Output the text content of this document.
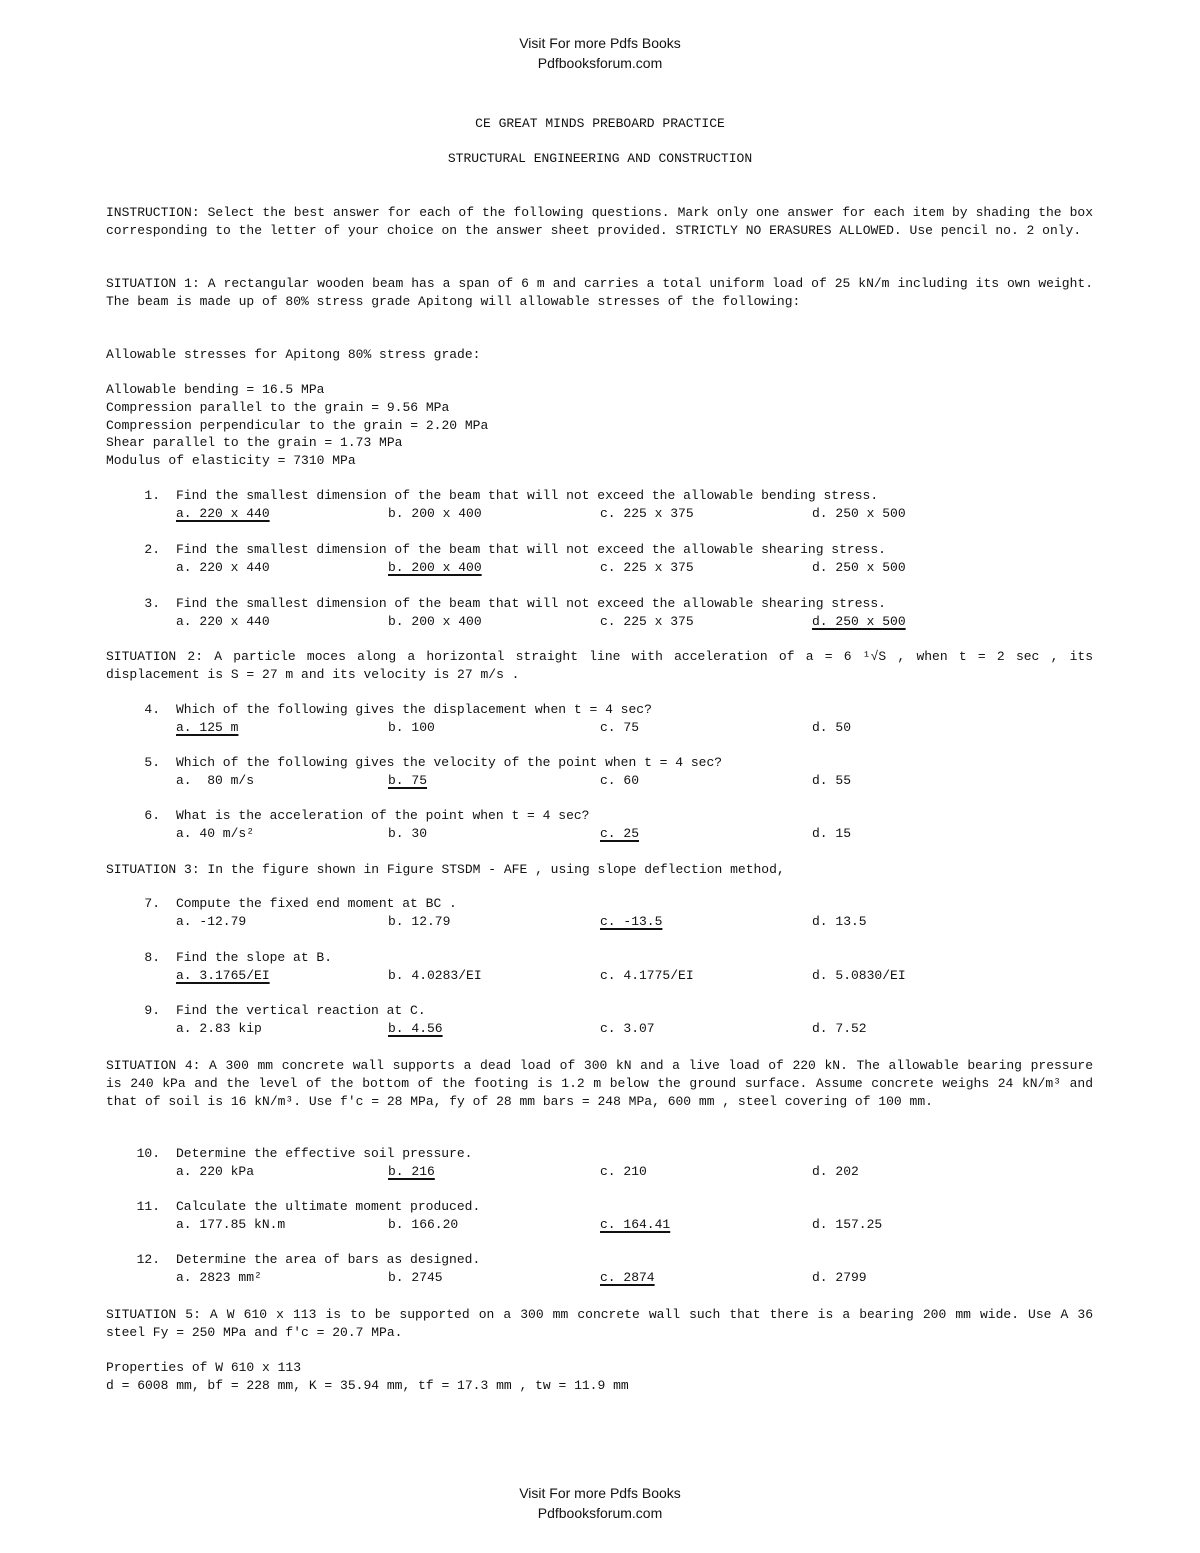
Visit For more Pdfs Books
Pdfbooksforum.com
CE GREAT MINDS PREBOARD PRACTICE
STRUCTURAL ENGINEERING AND CONSTRUCTION
INSTRUCTION: Select the best answer for each of the following questions. Mark only one answer for each item by shading the box corresponding to the letter of your choice on the answer sheet provided. STRICTLY NO ERASURES ALLOWED. Use pencil no. 2 only.
SITUATION 1: A rectangular wooden beam has a span of 6 m and carries a total uniform load of 25 kN/m including its own weight. The beam is made up of 80% stress grade Apitong will allowable stresses of the following:
Allowable stresses for Apitong 80% stress grade:
Allowable bending = 16.5 MPa
Compression parallel to the grain = 9.56 MPa
Compression perpendicular to the grain = 2.20 MPa
Shear parallel to the grain = 1.73 MPa
Modulus of elasticity = 7310 MPa
SITUATION 2: A particle moces along a horizontal straight line with acceleration of a = 6 ¹√S , when t = 2 sec , its displacement is S = 27 m and its velocity is 27 m/s .
SITUATION 3: In the figure shown in Figure STSDM - AFE , using slope deflection method,
SITUATION 4: A 300 mm concrete wall supports a dead load of 300 kN and a live load of 220 kN. The allowable bearing pressure is 240 kPa and the level of the bottom of the footing is 1.2 m below the ground surface. Assume concrete weighs 24 kN/m³ and that of soil is 16 kN/m³. Use f'c = 28 MPa, fy of 28 mm bars = 248 MPa, 600 mm , steel covering of 100 mm.
SITUATION 5: A W 610 x 113 is to be supported on a 300 mm concrete wall such that there is a bearing 200 mm wide. Use A 36 steel Fy = 250 MPa and f'c = 20.7 MPa.
Properties of W 610 x 113
d = 6008 mm, bf = 228 mm, K = 35.94 mm, tf = 17.3 mm , tw = 11.9 mm
1. Find the smallest dimension of the beam that will not exceed the allowable bending stress.
a. 220 x 440	b. 200 x 400	c. 225 x 375	d. 250 x 500
2. Find the smallest dimension of the beam that will not exceed the allowable shearing stress.
a. 220 x 440	b. 200 x 400	c. 225 x 375	d. 250 x 500
3. Find the smallest dimension of the beam that will not exceed the allowable shearing stress.
a. 220 x 440	b. 200 x 400	c. 225 x 375	d. 250 x 500
4. Which of the following gives the displacement when t = 4 sec?
a. 125 m	b. 100	c. 75	d. 50
5. Which of the following gives the velocity of the point when t = 4 sec?
a.  80 m/s	b. 75	c. 60	d. 55
6. What is the acceleration of the point when t = 4 sec?
a. 40 m/s²	b. 30	c. 25	d. 15
7. Compute the fixed end moment at BC .
a. -12.79	b. 12.79	c. -13.5	d. 13.5
8. Find the slope at B.
a. 3.1765/EI	b. 4.0283/EI	c. 4.1775/EI	d. 5.0830/EI
9. Find the vertical reaction at C.
a. 2.83 kip	b. 4.56	c. 3.07	d. 7.52
10. Determine the effective soil pressure.
a. 220 kPa	b. 216	c. 210	d. 202
11. Calculate the ultimate moment produced.
a. 177.85 kN.m	b. 166.20	c. 164.41	d. 157.25
12. Determine the area of bars as designed.
a. 2823 mm²	b. 2745	c. 2874	d. 2799
Visit For more Pdfs Books
Pdfbooksforum.com
